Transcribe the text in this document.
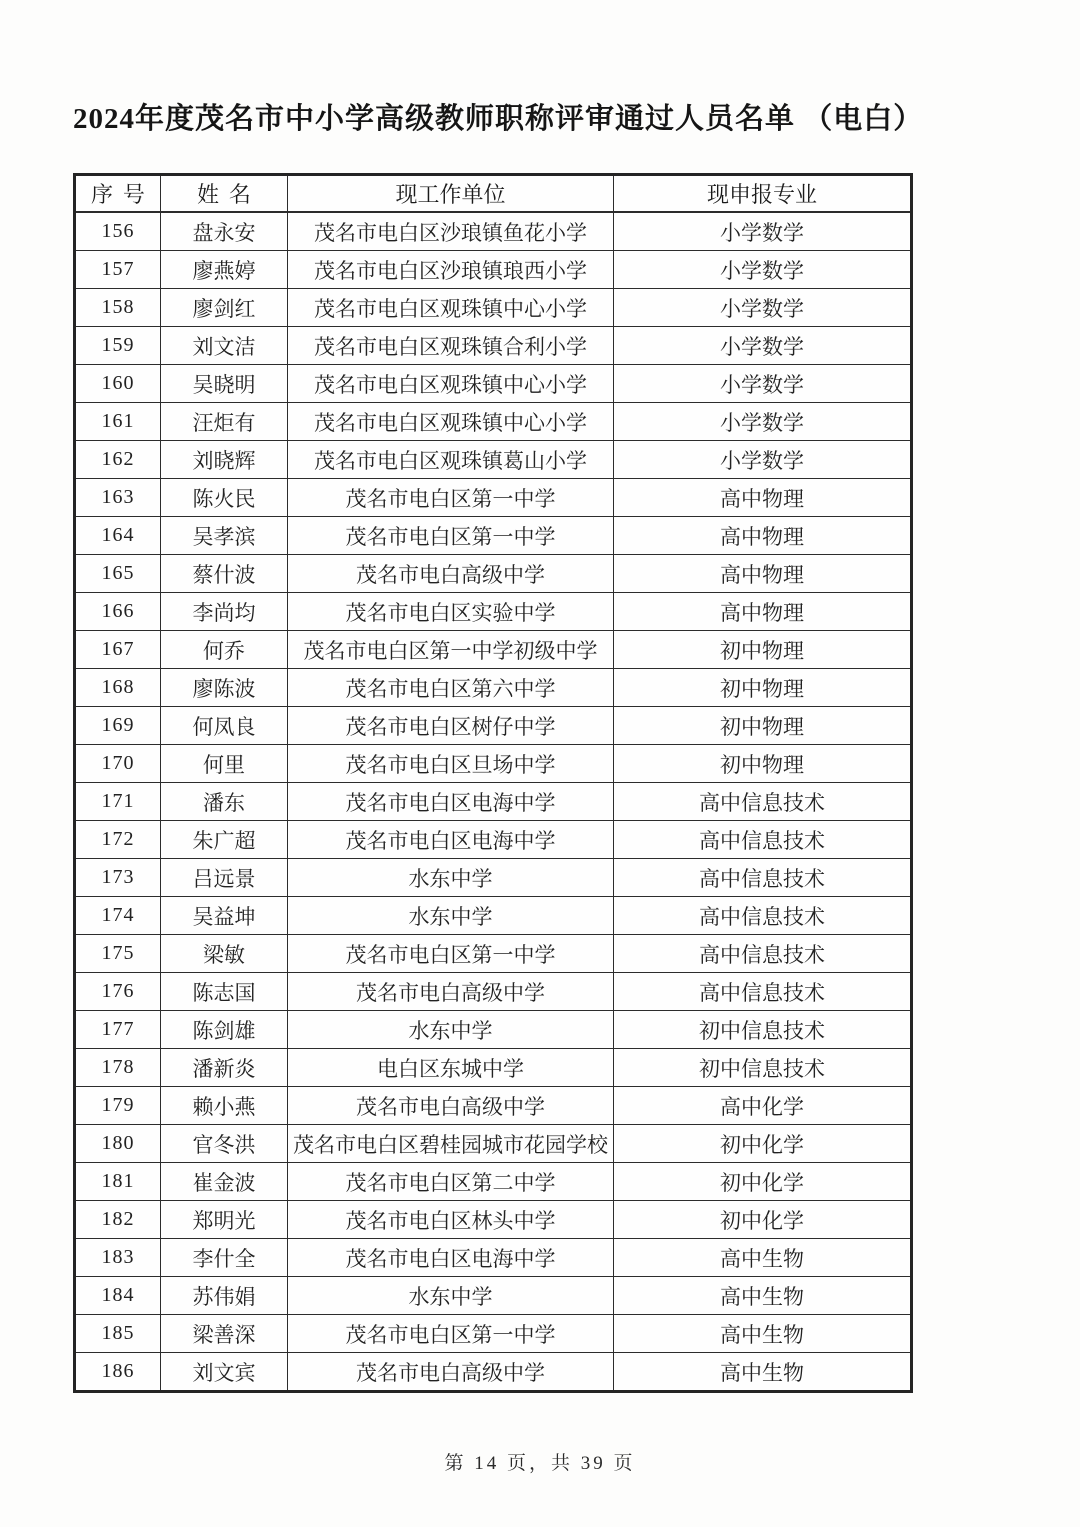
2024年度茂名市中小学高级教师职称评审通过人员名单 （电白）
序号	姓名	现工作单位	现申报专业
156	盘永安	茂名市电白区沙琅镇鱼花小学	小学数学
157	廖燕婷	茂名市电白区沙琅镇琅西小学	小学数学
158	廖剑红	茂名市电白区观珠镇中心小学	小学数学
159	刘文洁	茂名市电白区观珠镇合利小学	小学数学
160	吴晓明	茂名市电白区观珠镇中心小学	小学数学
161	汪炬有	茂名市电白区观珠镇中心小学	小学数学
162	刘晓辉	茂名市电白区观珠镇葛山小学	小学数学
163	陈火民	茂名市电白区第一中学	高中物理
164	吴孝滨	茂名市电白区第一中学	高中物理
165	蔡什波	茂名市电白高级中学	高中物理
166	李尚均	茂名市电白区实验中学	高中物理
167	何乔	茂名市电白区第一中学初级中学	初中物理
168	廖陈波	茂名市电白区第六中学	初中物理
169	何凤良	茂名市电白区树仔中学	初中物理
170	何里	茂名市电白区旦场中学	初中物理
171	潘东	茂名市电白区电海中学	高中信息技术
172	朱广超	茂名市电白区电海中学	高中信息技术
173	吕远景	水东中学	高中信息技术
174	吴益坤	水东中学	高中信息技术
175	梁敏	茂名市电白区第一中学	高中信息技术
176	陈志国	茂名市电白高级中学	高中信息技术
177	陈剑雄	水东中学	初中信息技术
178	潘新炎	电白区东城中学	初中信息技术
179	赖小燕	茂名市电白高级中学	高中化学
180	官冬洪	茂名市电白区碧桂园城市花园学校	初中化学
181	崔金波	茂名市电白区第二中学	初中化学
182	郑明光	茂名市电白区林头中学	初中化学
183	李什全	茂名市电白区电海中学	高中生物
184	苏伟娟	水东中学	高中生物
185	梁善深	茂名市电白区第一中学	高中生物
186	刘文宾	茂名市电白高级中学	高中生物
第 14 页，共 39 页
